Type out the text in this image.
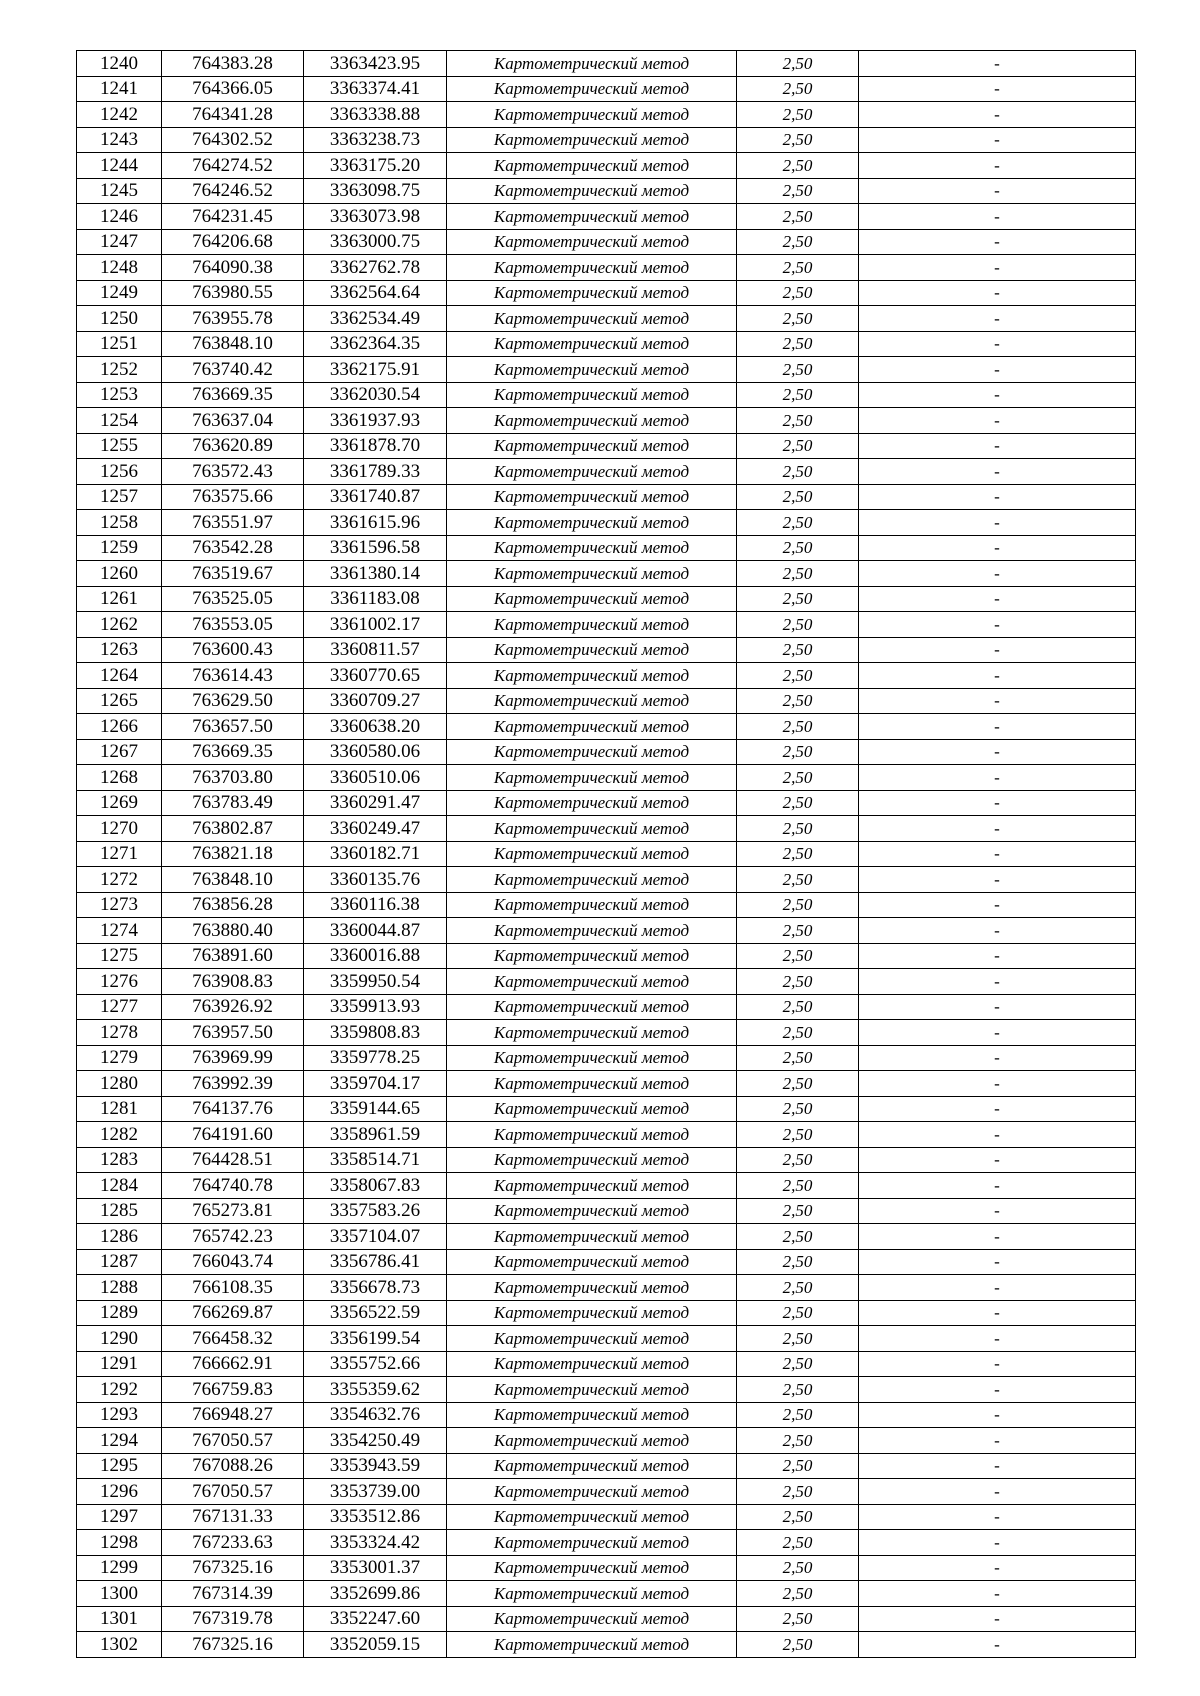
1240	764383.28	3363423.95	Картометрический метод	2,50	-
1241	764366.05	3363374.41	Картометрический метод	2,50	-
1242	764341.28	3363338.88	Картометрический метод	2,50	-
1243	764302.52	3363238.73	Картометрический метод	2,50	-
1244	764274.52	3363175.20	Картометрический метод	2,50	-
1245	764246.52	3363098.75	Картометрический метод	2,50	-
1246	764231.45	3363073.98	Картометрический метод	2,50	-
1247	764206.68	3363000.75	Картометрический метод	2,50	-
1248	764090.38	3362762.78	Картометрический метод	2,50	-
1249	763980.55	3362564.64	Картометрический метод	2,50	-
1250	763955.78	3362534.49	Картометрический метод	2,50	-
1251	763848.10	3362364.35	Картометрический метод	2,50	-
1252	763740.42	3362175.91	Картометрический метод	2,50	-
1253	763669.35	3362030.54	Картометрический метод	2,50	-
1254	763637.04	3361937.93	Картометрический метод	2,50	-
1255	763620.89	3361878.70	Картометрический метод	2,50	-
1256	763572.43	3361789.33	Картометрический метод	2,50	-
1257	763575.66	3361740.87	Картометрический метод	2,50	-
1258	763551.97	3361615.96	Картометрический метод	2,50	-
1259	763542.28	3361596.58	Картометрический метод	2,50	-
1260	763519.67	3361380.14	Картометрический метод	2,50	-
1261	763525.05	3361183.08	Картометрический метод	2,50	-
1262	763553.05	3361002.17	Картометрический метод	2,50	-
1263	763600.43	3360811.57	Картометрический метод	2,50	-
1264	763614.43	3360770.65	Картометрический метод	2,50	-
1265	763629.50	3360709.27	Картометрический метод	2,50	-
1266	763657.50	3360638.20	Картометрический метод	2,50	-
1267	763669.35	3360580.06	Картометрический метод	2,50	-
1268	763703.80	3360510.06	Картометрический метод	2,50	-
1269	763783.49	3360291.47	Картометрический метод	2,50	-
1270	763802.87	3360249.47	Картометрический метод	2,50	-
1271	763821.18	3360182.71	Картометрический метод	2,50	-
1272	763848.10	3360135.76	Картометрический метод	2,50	-
1273	763856.28	3360116.38	Картометрический метод	2,50	-
1274	763880.40	3360044.87	Картометрический метод	2,50	-
1275	763891.60	3360016.88	Картометрический метод	2,50	-
1276	763908.83	3359950.54	Картометрический метод	2,50	-
1277	763926.92	3359913.93	Картометрический метод	2,50	-
1278	763957.50	3359808.83	Картометрический метод	2,50	-
1279	763969.99	3359778.25	Картометрический метод	2,50	-
1280	763992.39	3359704.17	Картометрический метод	2,50	-
1281	764137.76	3359144.65	Картометрический метод	2,50	-
1282	764191.60	3358961.59	Картометрический метод	2,50	-
1283	764428.51	3358514.71	Картометрический метод	2,50	-
1284	764740.78	3358067.83	Картометрический метод	2,50	-
1285	765273.81	3357583.26	Картометрический метод	2,50	-
1286	765742.23	3357104.07	Картометрический метод	2,50	-
1287	766043.74	3356786.41	Картометрический метод	2,50	-
1288	766108.35	3356678.73	Картометрический метод	2,50	-
1289	766269.87	3356522.59	Картометрический метод	2,50	-
1290	766458.32	3356199.54	Картометрический метод	2,50	-
1291	766662.91	3355752.66	Картометрический метод	2,50	-
1292	766759.83	3355359.62	Картометрический метод	2,50	-
1293	766948.27	3354632.76	Картометрический метод	2,50	-
1294	767050.57	3354250.49	Картометрический метод	2,50	-
1295	767088.26	3353943.59	Картометрический метод	2,50	-
1296	767050.57	3353739.00	Картометрический метод	2,50	-
1297	767131.33	3353512.86	Картометрический метод	2,50	-
1298	767233.63	3353324.42	Картометрический метод	2,50	-
1299	767325.16	3353001.37	Картометрический метод	2,50	-
1300	767314.39	3352699.86	Картометрический метод	2,50	-
1301	767319.78	3352247.60	Картометрический метод	2,50	-
1302	767325.16	3352059.15	Картометрический метод	2,50	-
